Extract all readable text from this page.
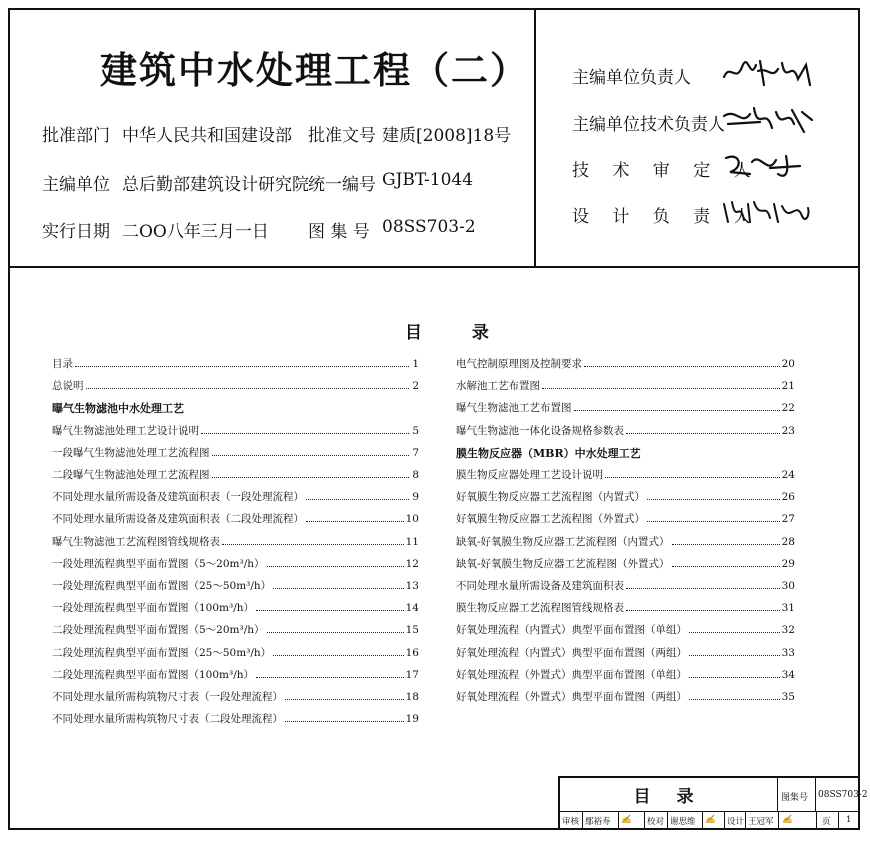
建筑中水处理工程（二）
批准部门 中华人民共和国建设部 批准文号 建质[2008]18号
主编单位 总后勤部建筑设计研究院 统一编号 GJBT-1044
实行日期 二OO八年三月一日 图 集 号 08SS703-2
主编单位负责人
主编单位技术负责人
技 术 审 定 人
设 计 负 责 人
目 录
目录	1
总说明	2
曝气生物滤池中水处理工艺
曝气生物滤池处理工艺设计说明	5
一段曝气生物滤池处理工艺流程图	7
二段曝气生物滤池处理工艺流程图	8
不同处理水量所需设备及建筑面积表（一段处理流程）	9
不同处理水量所需设备及建筑面积表（二段处理流程）	10
曝气生物滤池工艺流程图管线规格表	11
一段处理流程典型平面布置图（5～20m³/h）	12
一段处理流程典型平面布置图（25～50m³/h）	13
一段处理流程典型平面布置图（100m³/h）	14
二段处理流程典型平面布置图（5～20m³/h）	15
二段处理流程典型平面布置图（25～50m³/h）	16
二段处理流程典型平面布置图（100m³/h）	17
不同处理水量所需构筑物尺寸表（一段处理流程）	18
不同处理水量所需构筑物尺寸表（二段处理流程）	19
电气控制原理图及控制要求	20
水解池工艺布置图	21
曝气生物滤池工艺布置图	22
曝气生物滤池一体化设备规格参数表	23
膜生物反应器（MBR）中水处理工艺
膜生物反应器处理工艺设计说明	24
好氧膜生物反应器工艺流程图（内置式）	26
好氧膜生物反应器工艺流程图（外置式）	27
缺氧-好氧膜生物反应器工艺流程图（内置式）	28
缺氧-好氧膜生物反应器工艺流程图（外置式）	29
不同处理水量所需设备及建筑面积表	30
膜生物反应器工艺流程图管线规格表	31
好氧处理流程（内置式）典型平面布置图（单组）	32
好氧处理流程（内置式）典型平面布置图（两组）	33
好氧处理流程（外置式）典型平面布置图（单组）	34
好氧处理流程（外置式）典型平面布置图（两组）	35
目 录	图集号 08SS703-2
审核 鄢裕寿 ✍ 校对 谢思维 ✍ 设计 王冠军 ✍	页 1
